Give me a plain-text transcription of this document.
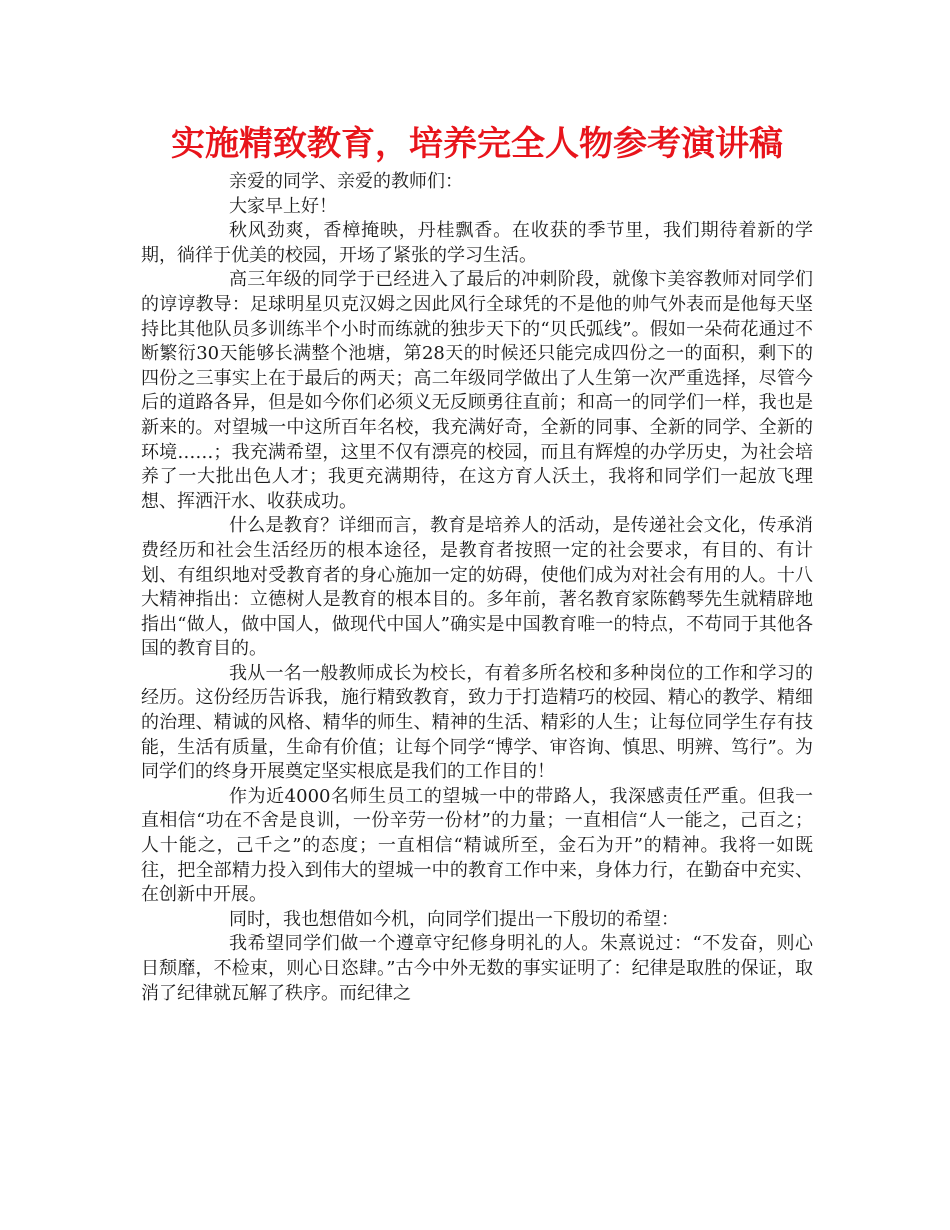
实施精致教育，培养完全人物参考演讲稿

亲爱的同学、亲爱的教师们：

大家早上好！

秋风劲爽，香樟掩映，丹桂飘香。在收获的季节里，我们期待着新的学期，徜徉于优美的校园，开场了紧张的学习生活。

高三年级的同学于已经进入了最后的冲刺阶段，就像卞美容教师对同学们的谆谆教导：足球明星贝克汉姆之因此风行全球凭的不是他的帅气外表而是他每天坚持比其他队员多训练半个小时而练就的独步天下的“贝氏弧线”。假如一朵荷花通过不断繁衍30天能够长满整个池塘，第28天的时候还只能完成四份之一的面积，剩下的四份之三事实上在于最后的两天；高二年级同学做出了人生第一次严重选择，尽管今后的道路各异，但是如今你们必须义无反顾勇往直前；和高一的同学们一样，我也是新来的。对望城一中这所百年名校，我充满好奇，全新的同事、全新的同学、全新的环境……；我充满希望，这里不仅有漂亮的校园，而且有辉煌的办学历史，为社会培养了一大批出色人才；我更充满期待，在这方育人沃土，我将和同学们一起放飞理想、挥洒汗水、收获成功。

什么是教育？详细而言，教育是培养人的活动，是传递社会文化，传承消费经历和社会生活经历的根本途径，是教育者按照一定的社会要求，有目的、有计划、有组织地对受教育者的身心施加一定的妨碍，使他们成为对社会有用的人。十八大精神指出：立德树人是教育的根本目的。多年前，著名教育家陈鹤琴先生就精辟地指出“做人，做中国人，做现代中国人”确实是中国教育唯一的特点，不苟同于其他各国的教育目的。

我从一名一般教师成长为校长，有着多所名校和多种岗位的工作和学习的经历。这份经历告诉我，施行精致教育，致力于打造精巧的校园、精心的教学、精细的治理、精诚的风格、精华的师生、精神的生活、精彩的人生；让每位同学生存有技能，生活有质量，生命有价值；让每个同学“博学、审咨询、慎思、明辨、笃行”。为同学们的终身开展奠定坚实根底是我们的工作目的！

作为近4000名师生员工的望城一中的带路人，我深感责任严重。但我一直相信“功在不舍是良训，一份辛劳一份材”的力量；一直相信“人一能之，己百之；人十能之，己千之”的态度；一直相信“精诚所至，金石为开”的精神。我将一如既往，把全部精力投入到伟大的望城一中的教育工作中来，身体力行，在勤奋中充实、在创新中开展。

同时，我也想借如今机，向同学们提出一下殷切的希望：

我希望同学们做一个遵章守纪修身明礼的人。朱熹说过：“不发奋，则心日颓靡，不检束，则心日恣肆。”古今中外无数的事实证明了：纪律是取胜的保证，取消了纪律就瓦解了秩序。而纪律之
